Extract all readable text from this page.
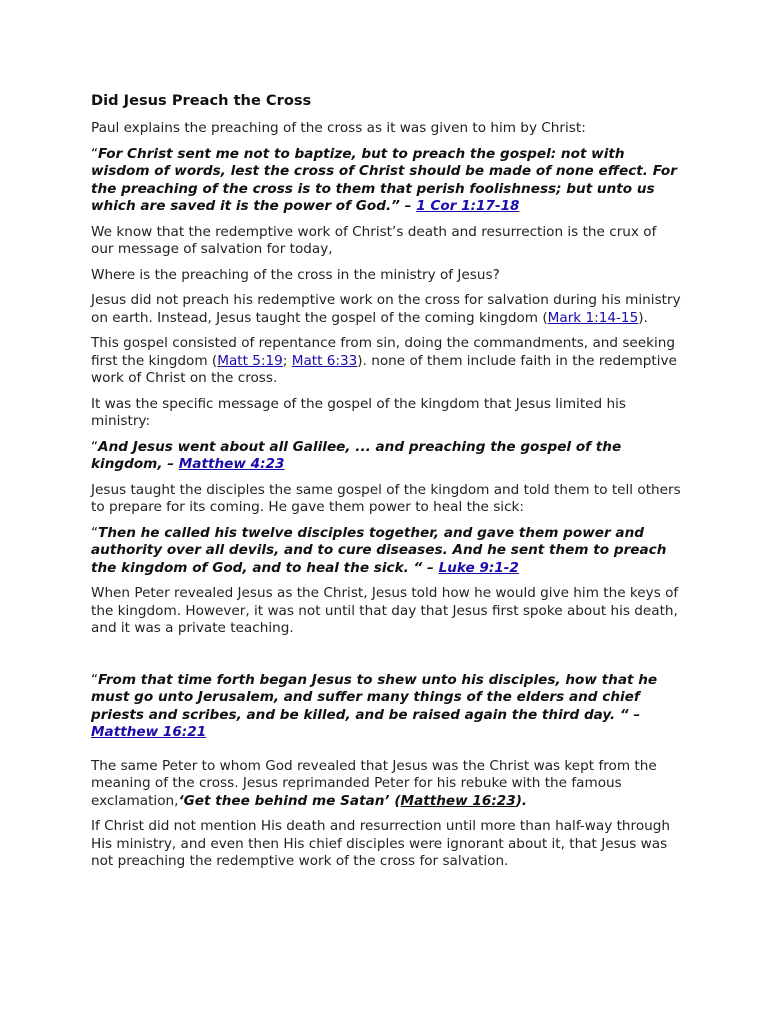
Did Jesus Preach the Cross

Paul explains the preaching of the cross as it was given to him by Christ:

“For Christ sent me not to baptize, but to preach the gospel: not with wisdom of words, lest the cross of Christ should be made of none effect. For the preaching of the cross is to them that perish foolishness; but unto us which are saved it is the power of God.” – 1 Cor 1:17-18

We know that the redemptive work of Christ’s death and resurrection is the crux of our message of salvation for today,

Where is the preaching of the cross in the ministry of Jesus?

Jesus did not preach his redemptive work on the cross for salvation during his ministry on earth. Instead, Jesus taught the gospel of the coming kingdom (Mark 1:14-15).

This gospel consisted of repentance from sin, doing the commandments, and seeking first the kingdom (Matt 5:19; Matt 6:33). none of them include faith in the redemptive work of Christ on the cross.

It was the specific message of the gospel of the kingdom that Jesus limited his ministry:

“And Jesus went about all Galilee, ... and preaching the gospel of the kingdom, – Matthew 4:23

Jesus taught the disciples the same gospel of the kingdom and told them to tell others to prepare for its coming. He gave them power to heal the sick:

“Then he called his twelve disciples together, and gave them power and authority over all devils, and to cure diseases. And he sent them to preach the kingdom of God, and to heal the sick. “ – Luke 9:1-2

When Peter revealed Jesus as the Christ, Jesus told how he would give him the keys of the kingdom. However, it was not until that day that Jesus first spoke about his death, and it was a private teaching.

“From that time forth began Jesus to shew unto his disciples, how that he must go unto Jerusalem, and suffer many things of the elders and chief priests and scribes, and be killed, and be raised again the third day. “ – Matthew 16:21

The same Peter to whom God revealed that Jesus was the Christ was kept from the meaning of the cross. Jesus reprimanded Peter for his rebuke with the famous exclamation,‘Get thee behind me Satan’ (Matthew 16:23).

If Christ did not mention His death and resurrection until more than half-way through His ministry, and even then His chief disciples were ignorant about it, that Jesus was not preaching the redemptive work of the cross for salvation.
